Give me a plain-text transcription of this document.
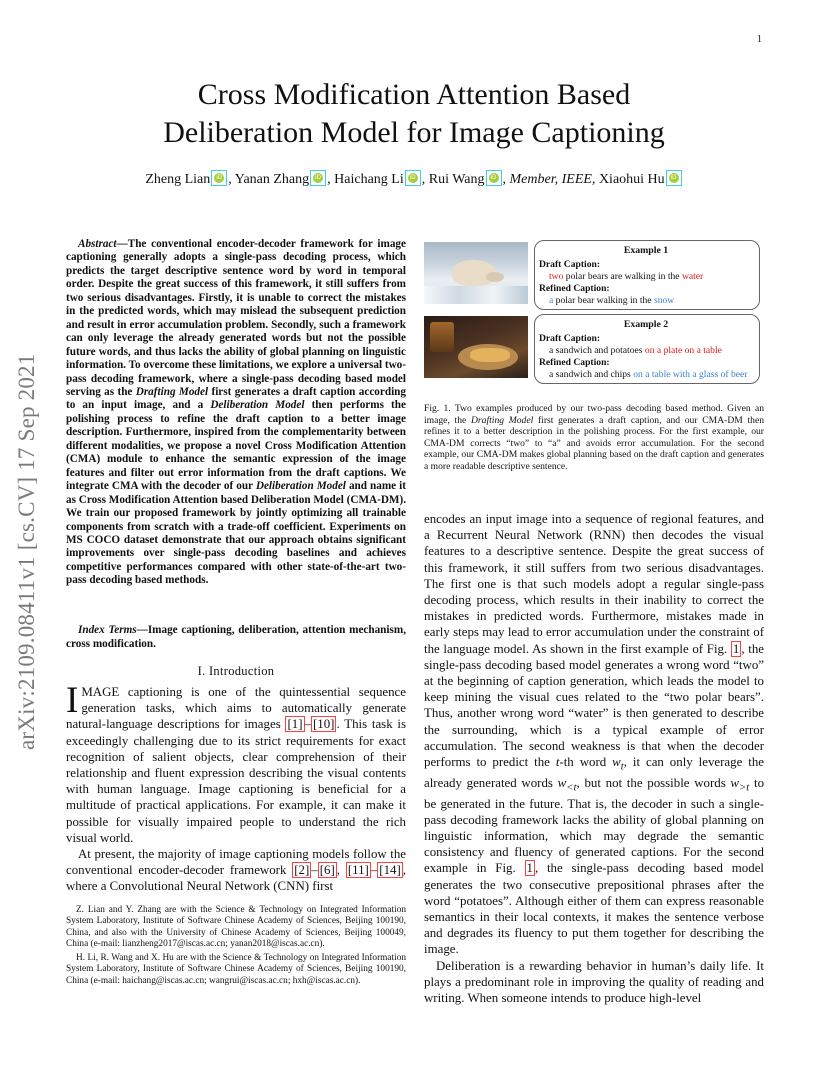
1
arXiv:2109.08411v1 [cs.CV] 17 Sep 2021
Cross Modification Attention Based
Deliberation Model for Image Captioning
Zheng Lian iD , Yanan Zhang iD , Haichang Li iD , Rui Wang iD , Member, IEEE, Xiaohui HuiD
Abstract—The conventional encoder-decoder framework for image captioning generally adopts a single-pass decoding process, which predicts the target descriptive sentence word by word in temporal order. Despite the great success of this framework, it still suffers from two serious disadvantages. Firstly, it is unable to correct the mistakes in the predicted words, which may mislead the subsequent prediction and result in error accumulation problem. Secondly, such a framework can only leverage the already generated words but not the possible future words, and thus lacks the ability of global planning on linguistic information. To overcome these limitations, we explore a universal two-pass decoding framework, where a single-pass decoding based model serving as the Drafting Model first generates a draft caption according to an input image, and a Deliberation Model then performs the polishing process to refine the draft caption to a better image description. Furthermore, inspired from the complementarity between different modalities, we propose a novel Cross Modification Attention (CMA) module to enhance the semantic expression of the image features and filter out error information from the draft captions. We integrate CMA with the decoder of our Deliberation Model and name it as Cross Modification Attention based Deliberation Model (CMA-DM). We train our proposed framework by jointly optimizing all trainable components from scratch with a trade-off coefficient. Experiments on MS COCO dataset demonstrate that our approach obtains significant improvements over single-pass decoding baselines and achieves competitive performances compared with other state-of-the-art two-pass decoding based methods.
Index Terms—Image captioning, deliberation, attention mechanism, cross modification.
I. Introduction

IMAGE captioning is one of the quintessential sequence generation tasks, which aims to automatically generate natural-language descriptions for images [1] – [10] . This task is exceedingly challenging due to its strict requirements for exact recognition of salient objects, clear comprehension of their relationship and fluent expression describing the visual contents with human language. Image captioning is beneficial for a multitude of practical applications. For example, it can make it possible for visually impaired people to understand the rich visual world.

At present, the majority of image captioning models follow the conventional encoder-decoder framework [2] – [6] , [11] – [14] , where a Convolutional Neural Network (CNN) first

Z. Lian and Y. Zhang are with the Science & Technology on Integrated Information System Laboratory, Institute of Software Chinese Academy of Sciences, Beijing 100190, China, and also with the University of Chinese Academy of Sciences, Beijing 100049, China (e-mail: lianzheng2017@iscas.ac.cn; yanan2018@iscas.ac.cn).

H. Li, R. Wang and X. Hu are with the Science & Technology on Integrated Information System Laboratory, Institute of Software Chinese Academy of Sciences, Beijing 100190, China (e-mail: haichang@iscas.ac.cn; wangrui@iscas.ac.cn; hxh@iscas.ac.cn).

Example 1
Draft Caption:
two polar bears are walking in the water
Refined Caption:
a polar bear walking in the snow
Example 2
Draft Caption:
a sandwich and potatoes on a plate on a table
Refined Caption:
a sandwich and chips on a table with a glass of beer
Fig. 1. Two examples produced by our two-pass decoding based method. Given an image, the Drafting Model first generates a draft caption, and our CMA-DM then refines it to a better description in the polishing process. For the first example, our CMA-DM corrects “two” to “a” and avoids error accumulation. For the second example, our CMA-DM makes global planning based on the draft caption and generates a more readable descriptive sentence.

encodes an input image into a sequence of regional features, and a Recurrent Neural Network (RNN) then decodes the visual features to a descriptive sentence. Despite the great success of this framework, it still suffers from two serious disadvantages. The first one is that such models adopt a regular single-pass decoding process, which results in their inability to correct the mistakes in predicted words. Furthermore, mistakes made in early steps may lead to error accumulation under the constraint of the language model. As shown in the first example of Fig. 1 , the single-pass decoding based model generates a wrong word “two” at the beginning of caption generation, which leads the model to keep mining the visual cues related to the “two polar bears”. Thus, another wrong word “water” is then generated to describe the surrounding, which is a typical example of error accumulation. The second weakness is that when the decoder performs to predict the t-th word $w_t$, it can only leverage the already generated words $w_{<t}$, but not the possible words $w_{>t}$ to be generated in the future. That is, the decoder in such a single-pass decoding framework lacks the ability of global planning on linguistic information, which may degrade the semantic consistency and fluency of generated captions. For the second example in Fig. 1 , the single-pass decoding based model generates the two consecutive prepositional phrases after the word “potatoes”. Although either of them can express reasonable semantics in their local contexts, it makes the sentence verbose and degrades its fluency to put them together for describing the image.

Deliberation is a rewarding behavior in human’s daily life. It plays a predominant role in improving the quality of reading and writing. When someone intends to produce high-level
